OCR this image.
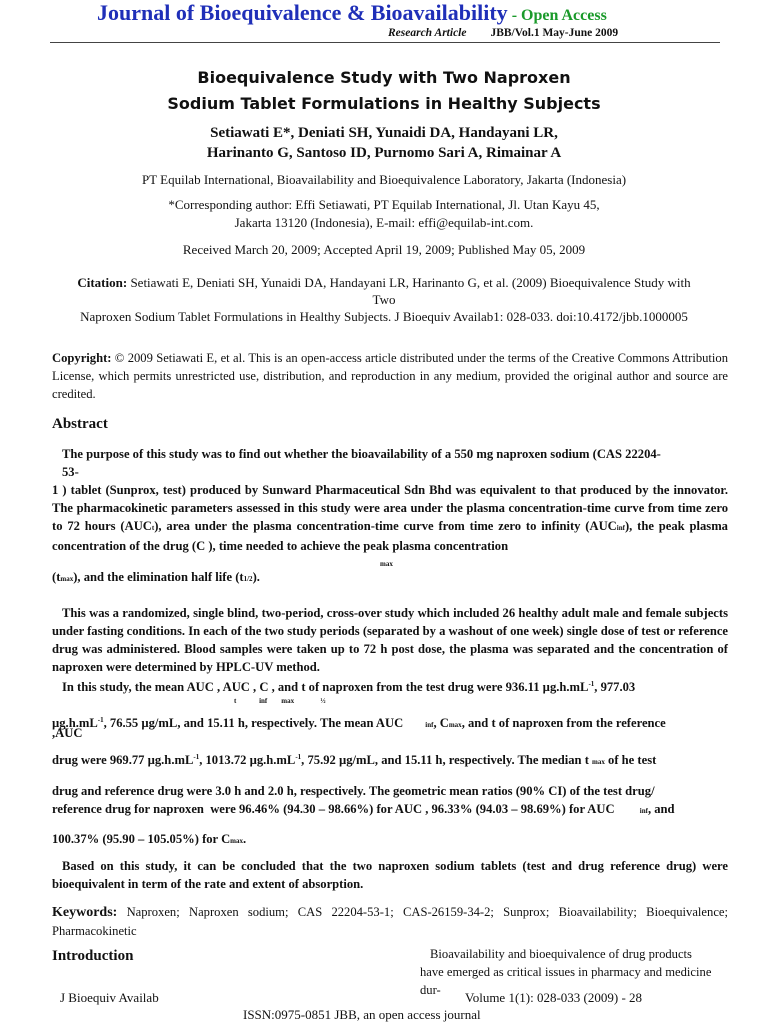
Journal of Bioequivalence & Bioavailability - Open Access
Research Article JBB/Vol.1 May-June 2009
Bioequivalence Study with Two Naproxen
Sodium Tablet Formulations in Healthy Subjects
Setiawati E*, Deniati SH, Yunaidi DA, Handayani LR,
Harinanto G, Santoso ID, Purnomo Sari A, Rimainar A
PT Equilab International, Bioavailability and Bioequivalence Laboratory, Jakarta (Indonesia)
*Corresponding author: Effi Setiawati, PT Equilab International, Jl. Utan Kayu 45,
Jakarta 13120 (Indonesia), E-mail: effi@equilab-int.com.
Received March 20, 2009; Accepted April 19, 2009; Published May 05, 2009
Citation: Setiawati E, Deniati SH, Yunaidi DA, Handayani LR, Harinanto G, et al. (2009) Bioequivalence Study with
Two
Naproxen Sodium Tablet Formulations in Healthy Subjects. J Bioequiv Availab1: 028-033. doi:10.4172/jbb.1000005
Copyright: © 2009 Setiawati E, et al. This is an open-access article distributed under the terms of the Creative Commons Attribution License, which permits unrestricted use, distribution, and reproduction in any medium, provided the original author and source are credited.
Abstract
The purpose of this study was to find out whether the bioavailability of a 550 mg naproxen sodium (CAS 22204-
53-
1 ) tablet (Sunprox, test) produced by Sunward Pharmaceutical Sdn Bhd was equivalent to that produced by the innovator. The pharmacokinetic parameters assessed in this study were area under the plasma concentration-time curve from time zero to 72 hours (AUCt), area under the plasma concentration-time curve from time zero to infinity (AUCinf), the peak plasma concentration of the drug (C ), time needed to achieve the peak plasma concentration
max
(tmax), and the elimination half life (t1/2).
This was a randomized, single blind, two-period, cross-over study which included 26 healthy adult male and female subjects under fasting conditions. In each of the two study periods (separated by a washout of one week) single dose of test or reference drug was administered. Blood samples were taken up to 72 h post dose, the plasma was separated and the concentration of naproxen were determined by HPLC-UV method.
In this study, the mean AUC , AUC , C , and t of naproxen from the test drug were 936.11 $\mu g.h.mL^{-1}$, 977.03
t             inf        max               ½
$\mu g.h.mL^{-1}$, 76.55 µg/mL, and 15.11 h, respectively. The mean AUC	inf, Cmax, and t of naproxen from the reference
,AUC
drug were 969.77 $\mu g.h.mL^{-1}$, 1013.72 $\mu g.h.mL^{-1}$, 75.92 µg/mL, and 15.11 h, respectively. The median t max of he test
drug and reference drug were 3.0 h and 2.0 h, respectively. The geometric mean ratios (90% CI) of the test drug/
reference drug for naproxen  were 96.46% (94.30 – 98.66%) for AUC , 96.33% (94.03 – 98.69%) for AUC        inf, and
100.37% (95.90 – 105.05%) for Cmax.
Based on this study, it can be concluded that the two naproxen sodium tablets (test and drug reference drug) were bioequivalent in term of the rate and extent of absorption.
Keywords: Naproxen; Naproxen sodium; CAS 22204-53-1; CAS-26159-34-2; Sunprox; Bioavailability; Bioequivalence; Pharmacokinetic
Introduction	Bioavailability and bioequivalence of drug products
have emerged as critical issues in pharmacy and medicine
dur-
J Bioequiv Availab	Volume 1(1): 028-033 (2009) - 28
ISSN:0975-0851 JBB, an open access journal
